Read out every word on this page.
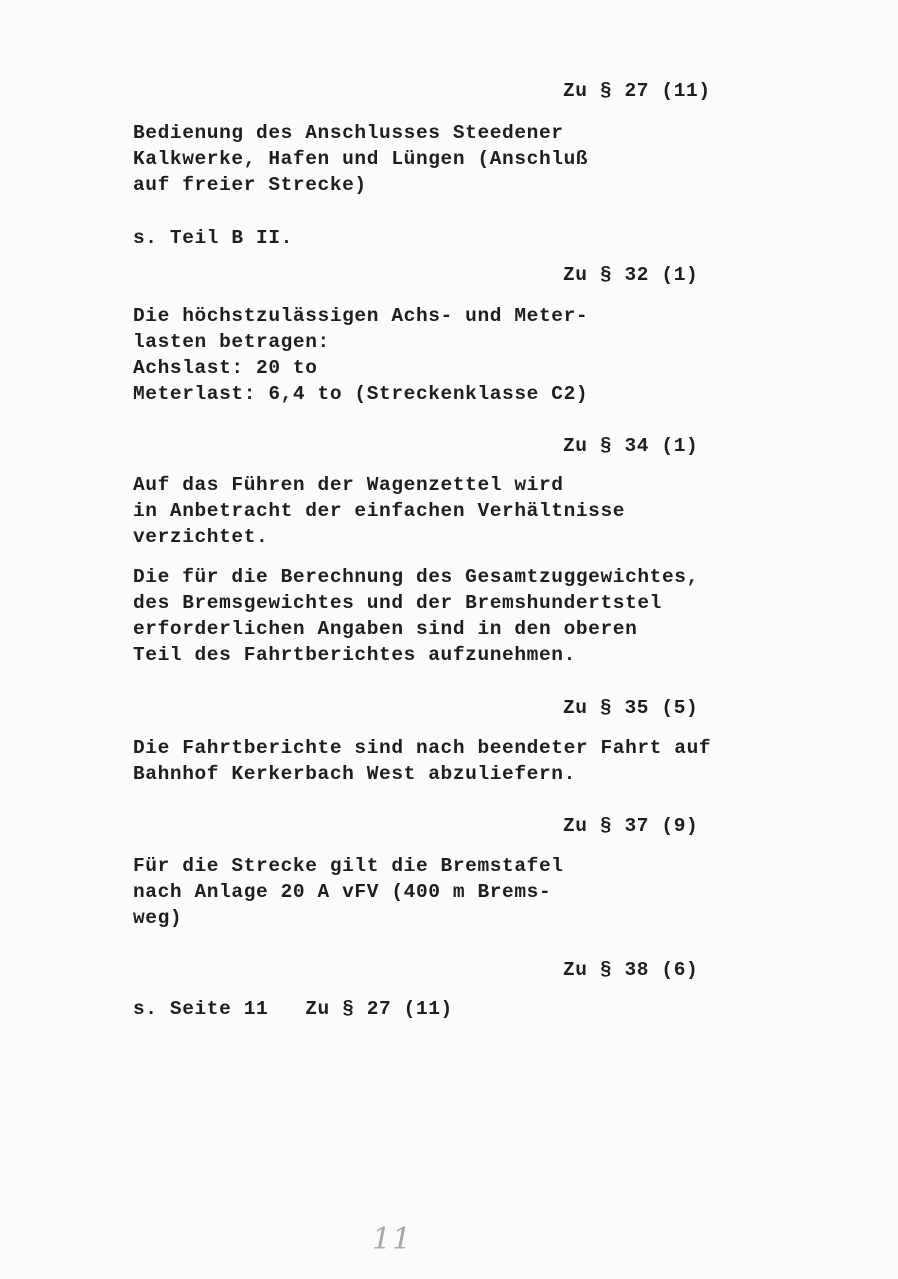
Zu § 27 (11)
Bedienung des Anschlusses Steedener
Kalkwerke, Hafen und Lüngen (Anschluß
auf freier Strecke)
s. Teil B II.
Zu § 32 (1)
Die höchstzulässigen Achs- und Meter-
lasten betragen:
Achslast: 20 to
Meterlast: 6,4 to (Streckenklasse C2)
Zu § 34 (1)
Auf das Führen der Wagenzettel wird
in Anbetracht der einfachen Verhältnisse
verzichtet.
Die für die Berechnung des Gesamtzuggewichtes,
des Bremsgewichtes und der Bremshundertstel
erforderlichen Angaben sind in den oberen
Teil des Fahrtberichtes aufzunehmen.
Zu § 35 (5)
Die Fahrtberichte sind nach beendeter Fahrt auf
Bahnhof Kerkerbach West abzuliefern.
Zu § 37 (9)
Für die Strecke gilt die Bremstafel
nach Anlage 20 A vFV (400 m Brems-
weg)
Zu § 38 (6)
s. Seite 11   Zu § 27 (11)
11
